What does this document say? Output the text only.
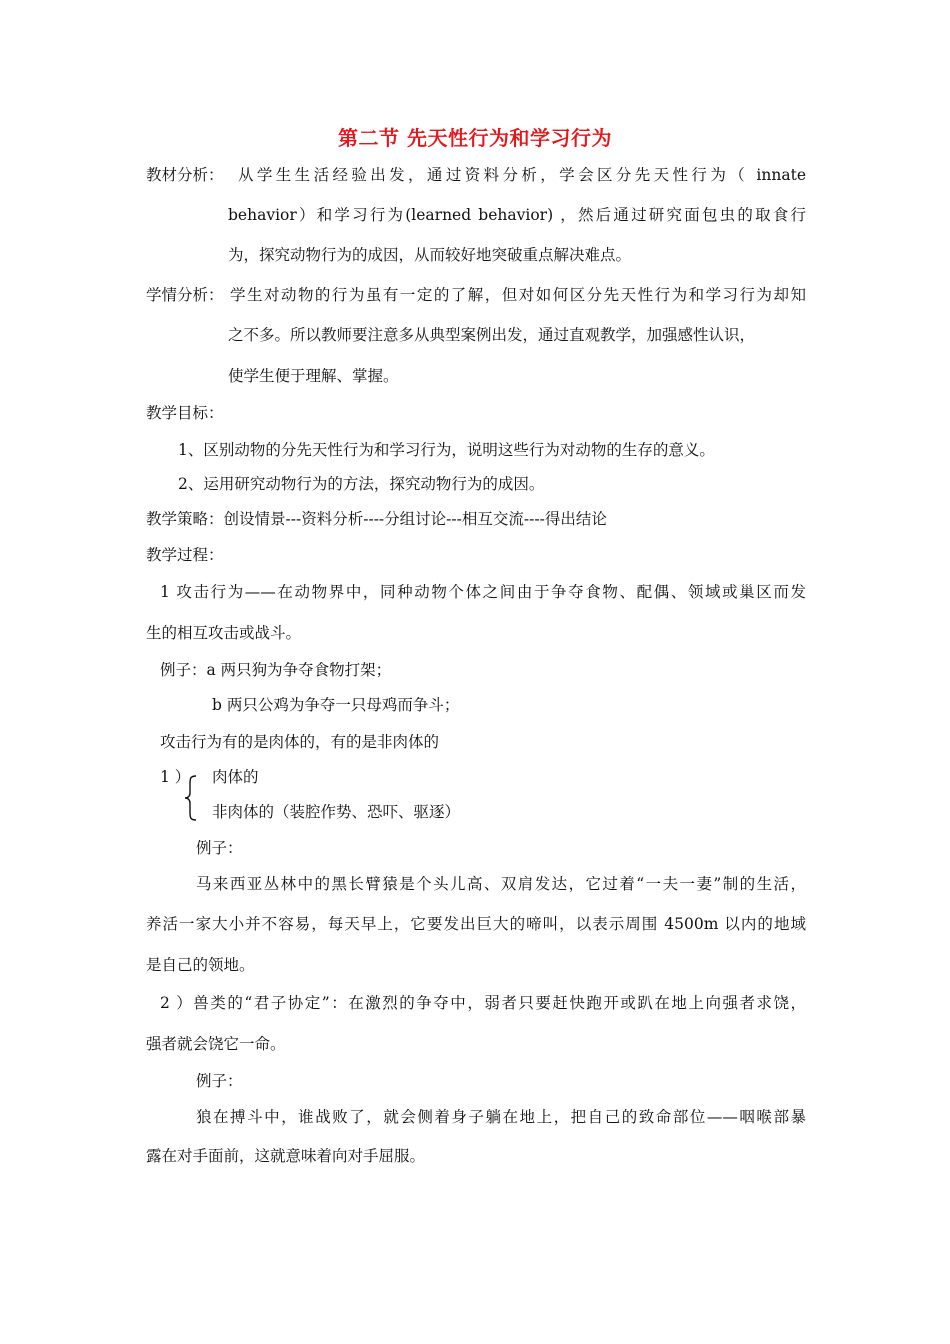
第二节 先天性行为和学习行为
教材分析： 从学生生活经验出发，通过资料分析，学会区分先天性行为（ innate
behavior）和学习行为(learned behavior) ，然后通过研究面包虫的取食行
为，探究动物行为的成因，从而较好地突破重点解决难点。
学情分析： 学生对动物的行为虽有一定的了解，但对如何区分先天性行为和学习行为却知
之不多。所以教师要注意多从典型案例出发，通过直观教学，加强感性认识，
使学生便于理解、掌握。
教学目标：
1、区别动物的分先天性行为和学习行为，说明这些行为对动物的生存的意义。
2、运用研究动物行为的方法，探究动物行为的成因。
教学策略：创设情景---资料分析----分组讨论---相互交流----得出结论
教学过程：
1 攻击行为——在动物界中，同种动物个体之间由于争夺食物、配偶、领域或巢区而发
生的相互攻击或战斗。
例子：a 两只狗为争夺食物打架；
b 两只公鸡为争夺一只母鸡而争斗；
攻击行为有的是肉体的，有的是非肉体的
1 ） 肉体的
非肉体的（装腔作势、恐吓、驱逐）
例子：
马来西亚丛林中的黑长臂猿是个头儿高、双肩发达，它过着“一夫一妻”制的生活，
养活一家大小并不容易，每天早上，它要发出巨大的啼叫，以表示周围 4500m 以内的地域
是自己的领地。
2 ）兽类的“君子协定”：在激烈的争夺中，弱者只要赶快跑开或趴在地上向强者求饶，
强者就会饶它一命。
例子：
狼在搏斗中，谁战败了，就会侧着身子躺在地上，把自己的致命部位——咽喉部暴
露在对手面前，这就意味着向对手屈服。
